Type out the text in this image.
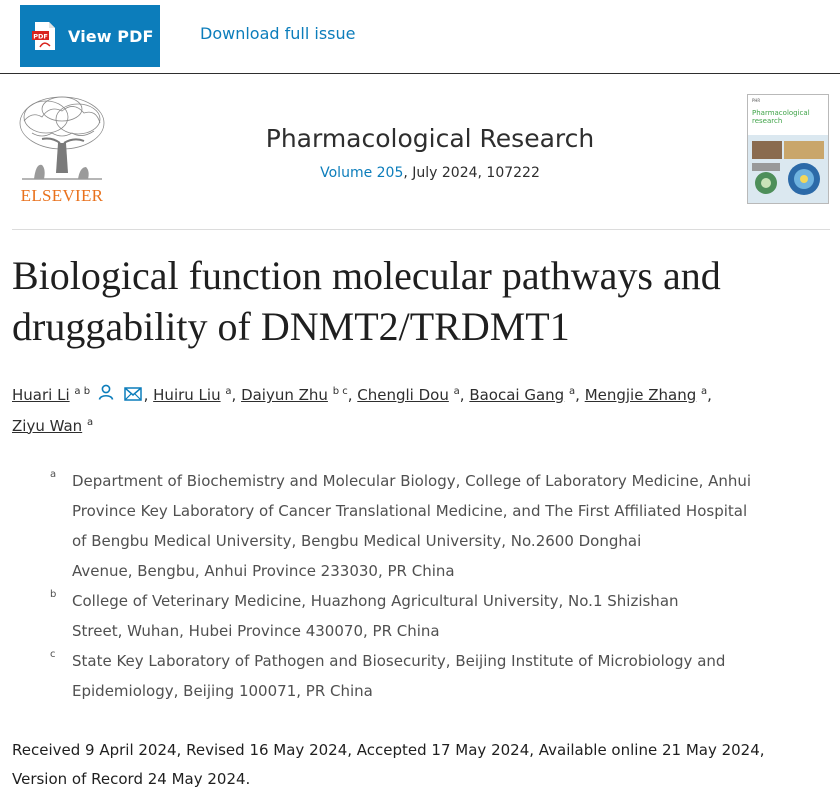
PDF View PDF	Download full issue
ELSEVIER
Pharmacological Research
Volume 205, July 2024, 107222
PHR
Pharmacological
research
Biological function molecular pathways and
druggability of DNMT2/TRDMT1
Huari Li $^{a b}$	, Huiru Liu $^a$, Daiyun Zhu $^{b c}$, Chengli Dou $^a$, Baocai Gang $^a$, Mengjie Zhang $^a$,
Ziyu Wan $^a$
a Department of Biochemistry and Molecular Biology, College of Laboratory Medicine, Anhui
Province Key Laboratory of Cancer Translational Medicine, and The First Affiliated Hospital
of Bengbu Medical University, Bengbu Medical University, No.2600 Donghai
Avenue, Bengbu, Anhui Province 233030, PR China
b College of Veterinary Medicine, Huazhong Agricultural University, No.1 Shizishan
Street, Wuhan, Hubei Province 430070, PR China
c State Key Laboratory of Pathogen and Biosecurity, Beijing Institute of Microbiology and
Epidemiology, Beijing 100071, PR China
Received 9 April 2024, Revised 16 May 2024, Accepted 17 May 2024, Available online 21 May 2024,
Version of Record 24 May 2024.
